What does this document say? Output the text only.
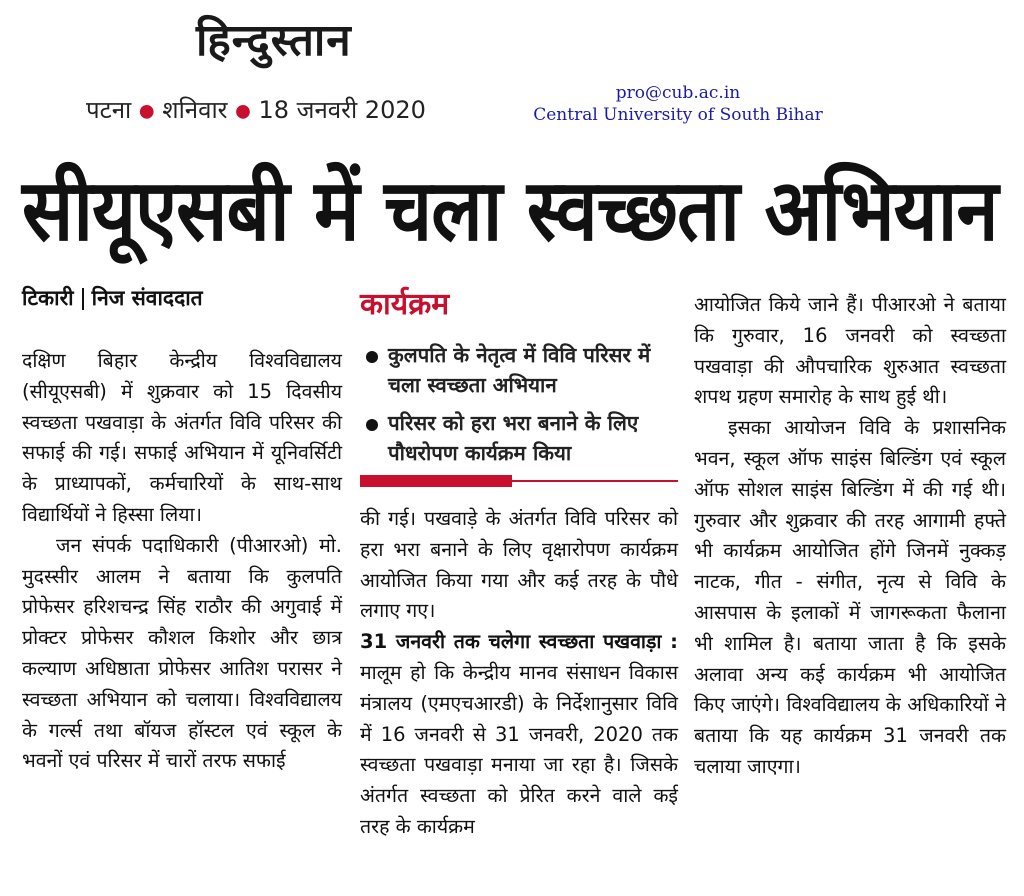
हिन्दुस्तान
पटना ● शनिवार ● 18 जनवरी 2020
pro@cub.ac.in
Central University of South Bihar
सीयूएसबी में चला स्वच्छता अभियान
टिकारी निज संवाददात

दक्षिण बिहार केन्द्रीय विश्वविद्यालय (सीयूएसबी) में शुक्रवार को 15 दिवसीय स्वच्छता पखवाड़ा के अंतर्गत विवि परिसर की सफाई की गई। सफाई अभियान में यूनिवर्सिटी के प्राध्यापकों, कर्मचारियों के साथ-साथ विद्यार्थियों ने हिस्सा लिया।

जन संपर्क पदाधिकारी (पीआरओ) मो. मुदस्सीर आलम ने बताया कि कुलपति प्रोफेसर हरिशचन्द्र सिंह राठौर की अगुवाई में प्रोक्टर प्रोफेसर कौशल किशोर और छात्र कल्याण अधिष्ठाता प्रोफेसर आतिश परासर ने स्वच्छता अभियान को चलाया। विश्वविद्यालय के गर्ल्स तथा बॉयज हॉस्टल एवं स्कूल के भवनों एवं परिसर में चारों तरफ सफाई

कार्यक्रम
कुलपति के नेतृत्व में विवि परिसर में चला स्वच्छता अभियान
परिसर को हरा भरा बनाने के लिए पौधरोपण कार्यक्रम किया

की गई। पखवाड़े के अंतर्गत विवि परिसर को हरा भरा बनाने के लिए वृक्षारोपण कार्यक्रम आयोजित किया गया और कई तरह के पौधे लगाए गए।

31 जनवरी तक चलेगा स्वच्छता पखवाड़ा : मालूम हो कि केन्द्रीय मानव संसाधन विकास मंत्रालय (एमएचआरडी) के निर्देशानुसार विवि में 16 जनवरी से 31 जनवरी, 2020 तक स्वच्छता पखवाड़ा मनाया जा रहा है। जिसके अंतर्गत स्वच्छता को प्रेरित करने वाले कई तरह के कार्यक्रम

आयोजित किये जाने हैं। पीआरओ ने बताया कि गुरुवार, 16 जनवरी को स्वच्छता पखवाड़ा की औपचारिक शुरुआत स्वच्छता शपथ ग्रहण समारोह के साथ हुई थी।

इसका आयोजन विवि के प्रशासनिक भवन, स्कूल ऑफ साइंस बिल्डिंग एवं स्कूल ऑफ सोशल साइंस बिल्डिंग में की गई थी। गुरुवार और शुक्रवार की तरह आगामी हफ्ते भी कार्यक्रम आयोजित होंगे जिनमें नुक्कड़ नाटक, गीत - संगीत, नृत्य से विवि के आसपास के इलाकों में जागरूकता फैलाना भी शामिल है। बताया जाता है कि इसके अलावा अन्य कई कार्यक्रम भी आयोजित किए जाएंगे। विश्वविद्यालय के अधिकारियों ने बताया कि यह कार्यक्रम 31 जनवरी तक चलाया जाएगा।
